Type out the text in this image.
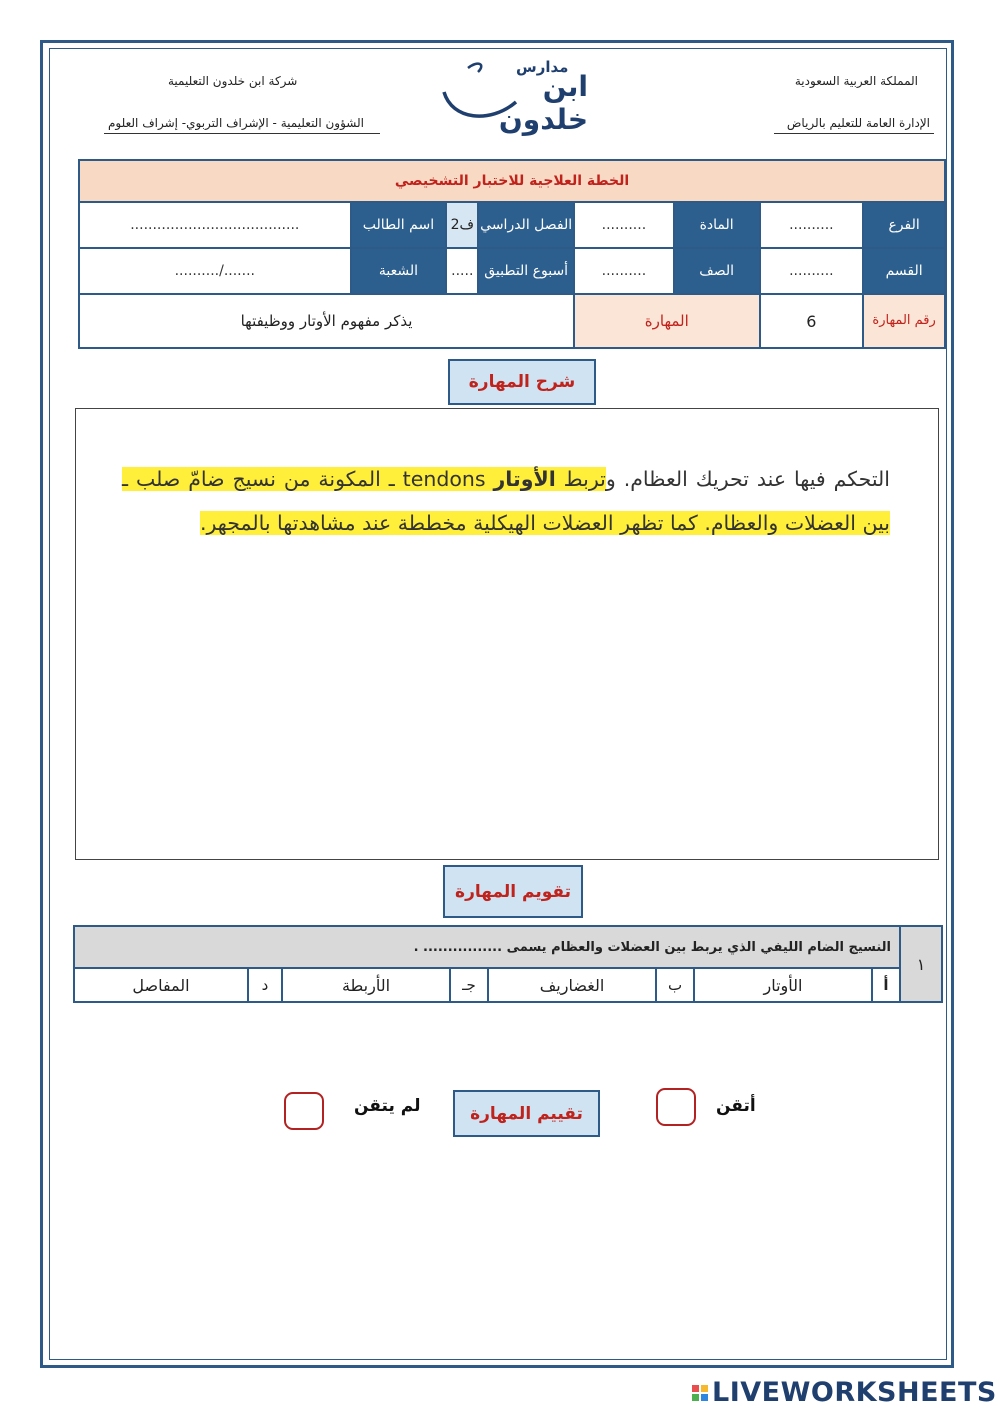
المملكة العربية السعودية
الإدارة العامة للتعليم بالرياض
شركة ابن خلدون التعليمية
الشؤون التعليمية - الإشراف التربوي- إشراف العلوم
مدارس
ابن خلدون
الخطة العلاجية للاختبار التشخيصي							
الفرع	..........	المادة	..........	الفصل الدراسي	ف2	اسم الطالب	......................................
القسم	..........	الصف	..........	أسبوع التطبيق	.....	الشعبة	......./..........
رقم المهارة	6	المهارة		يذكر مفهوم الأوتار ووظيفتها			
شرح المهارة
التحكم فيها عند تحريك العظام. وتربط الأوتار tendons ـ المكونة من نسيج ضامّ صلب ـ بين العضلات والعظام. كما تظهر العضلات الهيكلية مخططة عند مشاهدتها بالمجهر.
تقويم المهارة
١	النسيج الضام الليفي الذي يربط بين العضلات والعظام يسمى ................ .							
	أ	الأوتار	ب	الغضاريف	جـ	الأربطة	د	المفاصل
أتقن
تقييم المهارة
لم يتقن
LIVEWORKSHEETS
